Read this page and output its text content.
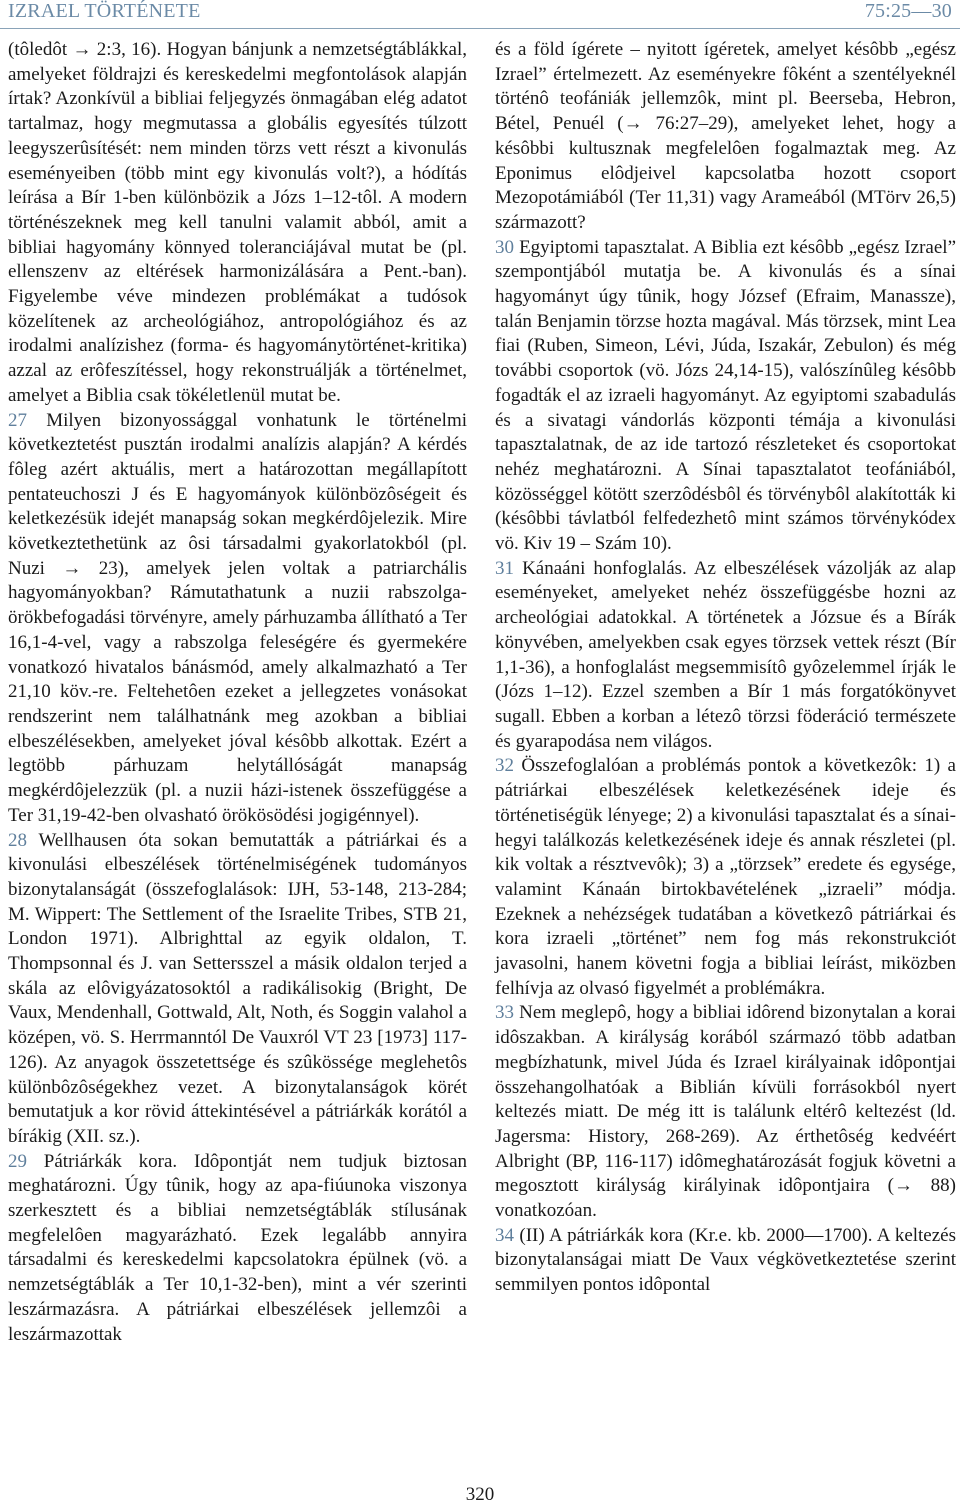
IZRAEL TÖRTÉNETE	75:25—30

(tôledôt → 2:3, 16). Hogyan bánjunk a nemzetségtáblákkal, amelyeket földrajzi és kereskedelmi megfontolások alapján írtak? Azonkívül a bibliai feljegyzés önmagában elég adatot tartalmaz, hogy megmutassa a globális egyesítés túlzott leegyszerûsítését: nem minden törzs vett részt a kivonulás eseményeiben (több mint egy kivonulás volt?), a hódítás leírása a Bír 1-ben különbözik a Józs 1–12-tôl. A modern történészeknek meg kell tanulni valamit abból, amit a bibliai hagyomány könnyed toleranciájával mutat be (pl. ellenszenv az eltérések harmonizálására a Pent.-ban). Figyelembe véve mindezen problémákat a tudósok közelítenek az archeológiához, antropológiához és az irodalmi analízishez (forma- és hagyománytörténet-kritika) azzal az erôfeszítéssel, hogy rekonstruálják a történelmet, amelyet a Biblia csak tökéletlenül mutat be.

27 Milyen bizonyossággal vonhatunk le történelmi következtetést pusztán irodalmi analízis alapján? A kérdés fôleg azért aktuális, mert a határozottan megállapított pentateuchoszi J és E hagyományok különbözôségeit és keletkezésük idejét manapság sokan megkérdôjelezik. Mire következtethetünk az ôsi társadalmi gyakorlatokból (pl. Nuzi → 23), amelyek jelen voltak a patriarchális hagyományokban? Rámutathatunk a nuzii rabszolga-örökbefogadási törvényre, amely párhuzamba állítható a Ter 16,1-4-vel, vagy a rabszolga feleségére és gyermekére vonatkozó hivatalos bánásmód, amely alkalmazható a Ter 21,10 köv.-re. Feltehetôen ezeket a jellegzetes vonásokat rendszerint nem találhatnánk meg azokban a bibliai elbeszélésekben, amelyeket jóval késôbb alkottak. Ezért a legtöbb párhuzam helytállóságát manapság megkérdôjelezzük (pl. a nuzii házi-istenek összefüggése a Ter 31,19-42-ben olvasható örökösödési jogigénnyel).

28 Wellhausen óta sokan bemutatták a pátriárkai és a kivonulási elbeszélések történelmiségének tudományos bizonytalanságát (összefoglalások: IJH, 53-148, 213-284; M. Wippert: The Settlement of the Israelite Tribes, STB 21, London 1971). Albrighttal az egyik oldalon, T. Thompsonnal és J. van Settersszel a másik oldalon terjed a skála az elôvigyázatosoktól a radikálisokig (Bright, De Vaux, Mendenhall, Gottwald, Alt, Noth, és Soggin valahol a középen, vö. S. Herrmanntól De Vauxról VT 23 [1973] 117-126). Az anyagok összetettsége és szûkössége meglehetôs különbôzôségekhez vezet. A bizonytalanságok körét bemutatjuk a kor rövid áttekintésével a pátriárkák korától a bírákig (XII. sz.).

29 Pátriárkák kora. Idôpontját nem tudjuk biztosan meghatározni. Úgy tûnik, hogy az apa-fiúunoka viszonya szerkesztett és a bibliai nemzetségtáblák stílusának megfelelôen magyarázható. Ezek legalább annyira társadalmi és kereskedelmi kapcsolatokra épülnek (vö. a nemzetségtáblák a Ter 10,1-32-ben), mint a vér szerinti leszármazásra. A pátriárkai elbeszélések jellemzôi a leszármazottak

és a föld ígérete – nyitott ígéretek, amelyet késôbb „egész Izrael” értelmezett. Az eseményekre fôként a szentélyeknél történô teofániák jellemzôk, mint pl. Beerseba, Hebron, Bétel, Penuél (→ 76:27–29), amelyeket lehet, hogy a késôbbi kultusznak megfelelôen fogalmaztak meg. Az Eponimus elôdjeivel kapcsolatba hozott csoport Mezopotámiából (Ter 11,31) vagy Arameából (MTörv 26,5) származott?

30 Egyiptomi tapasztalat. A Biblia ezt késôbb „egész Izrael” szempontjából mutatja be. A kivonulás és a sínai hagyományt úgy tûnik, hogy József (Efraim, Manassze), talán Benjamin törzse hozta magával. Más törzsek, mint Lea fiai (Ruben, Simeon, Lévi, Júda, Iszakár, Zebulon) és még további csoportok (vö. Józs 24,14-15), valószínûleg késôbb fogadták el az izraeli hagyományt. Az egyiptomi szabadulás és a sivatagi vándorlás központi témája a kivonulási tapasztalatnak, de az ide tartozó részleteket és csoportokat nehéz meghatározni. A Sínai tapasztalatot teofániából, közösséggel kötött szerzôdésbôl és törvénybôl alakították ki (késôbbi távlatból felfedezhetô mint számos törvénykódex vö. Kiv 19 – Szám 10).

31 Kánaáni honfoglalás. Az elbeszélések vázolják az alap eseményeket, amelyeket nehéz összefüggésbe hozni az archeológiai adatokkal. A történetek a Józsue és a Bírák könyvében, amelyekben csak egyes törzsek vettek részt (Bír 1,1-36), a honfoglalást megsemmisítô gyôzelemmel írják le (Józs 1–12). Ezzel szemben a Bír 1 más forgatókönyvet sugall. Ebben a korban a létezô törzsi föderáció természete és gyarapodása nem világos.

32 Összefoglalóan a problémás pontok a következôk: 1) a pátriárkai elbeszélések keletkezésének ideje és történetiségük lényege; 2) a kivonulási tapasztalat és a sínai-hegyi találkozás keletkezésének ideje és annak részletei (pl. kik voltak a résztvevôk); 3) a „törzsek” eredete és egysége, valamint Kánaán birtokbavételének „izraeli” módja. Ezeknek a nehézségek tudatában a következô pátriárkai és kora izraeli „történet” nem fog más rekonstrukciót javasolni, hanem követni fogja a bibliai leírást, miközben felhívja az olvasó figyelmét a problémákra.

33 Nem meglepô, hogy a bibliai idôrend bizonytalan a korai idôszakban. A királyság korából származó több adatban megbízhatunk, mivel Júda és Izrael királyainak idôpontjai összehangolhatóak a Biblián kívüli forrásokból nyert keltezés miatt. De még itt is találunk eltérô keltezést (ld. Jagersma: History, 268-269). Az érthetôség kedvéért Albright (BP, 116-117) idômeghatározását fogjuk követni a megosztott királyság királyinak idôpontjaira (→ 88) vonatkozóan.

34 (II) A pátriárkák kora (Kr.e. kb. 2000—1700). A keltezés bizonytalanságai miatt De Vaux végkövetkeztetése szerint semmilyen pontos idôpontal

320
